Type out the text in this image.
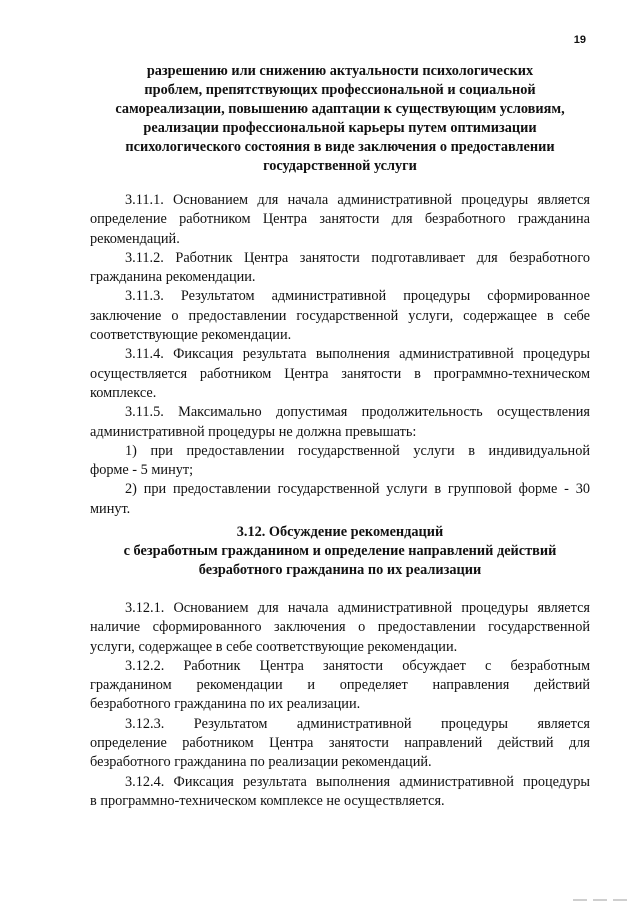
19
разрешению или снижению актуальности психологических
проблем, препятствующих профессиональной и социальной
самореализации, повышению адаптации к существующим условиям,
реализации профессиональной карьеры путем оптимизации
психологического состояния в виде заключения о предоставлении
государственной услуги
3.11.1. Основанием для начала административной процедуры является
определение работником Центра занятости для безработного гражданина
рекомендаций.
3.11.2. Работник Центра занятости подготавливает для безработного
гражданина рекомендации.
3.11.3. Результатом административной процедуры сформированное
заключение о предоставлении государственной услуги, содержащее в себе
соответствующие рекомендации.
3.11.4. Фиксация результата выполнения административной процедуры
осуществляется работником Центра занятости в программно-техническом
комплексе.
3.11.5. Максимально допустимая продолжительность осуществления
административной процедуры не должна превышать:
1) при предоставлении государственной услуги в индивидуальной
форме - 5 минут;
2) при предоставлении государственной услуги в групповой форме - 30
минут.
3.12. Обсуждение рекомендаций
с безработным гражданином и определение направлений действий
безработного гражданина по их реализации
3.12.1. Основанием для начала административной процедуры является
наличие сформированного заключения о предоставлении государственной
услуги, содержащее в себе соответствующие рекомендации.
3.12.2. Работник Центра занятости обсуждает с безработным
гражданином рекомендации и определяет направления действий
безработного гражданина по их реализации.
3.12.3. Результатом административной процедуры является
определение работником Центра занятости направлений действий для
безработного гражданина по реализации рекомендаций.
3.12.4. Фиксация результата выполнения административной процедуры
в программно-техническом комплексе не осуществляется.
